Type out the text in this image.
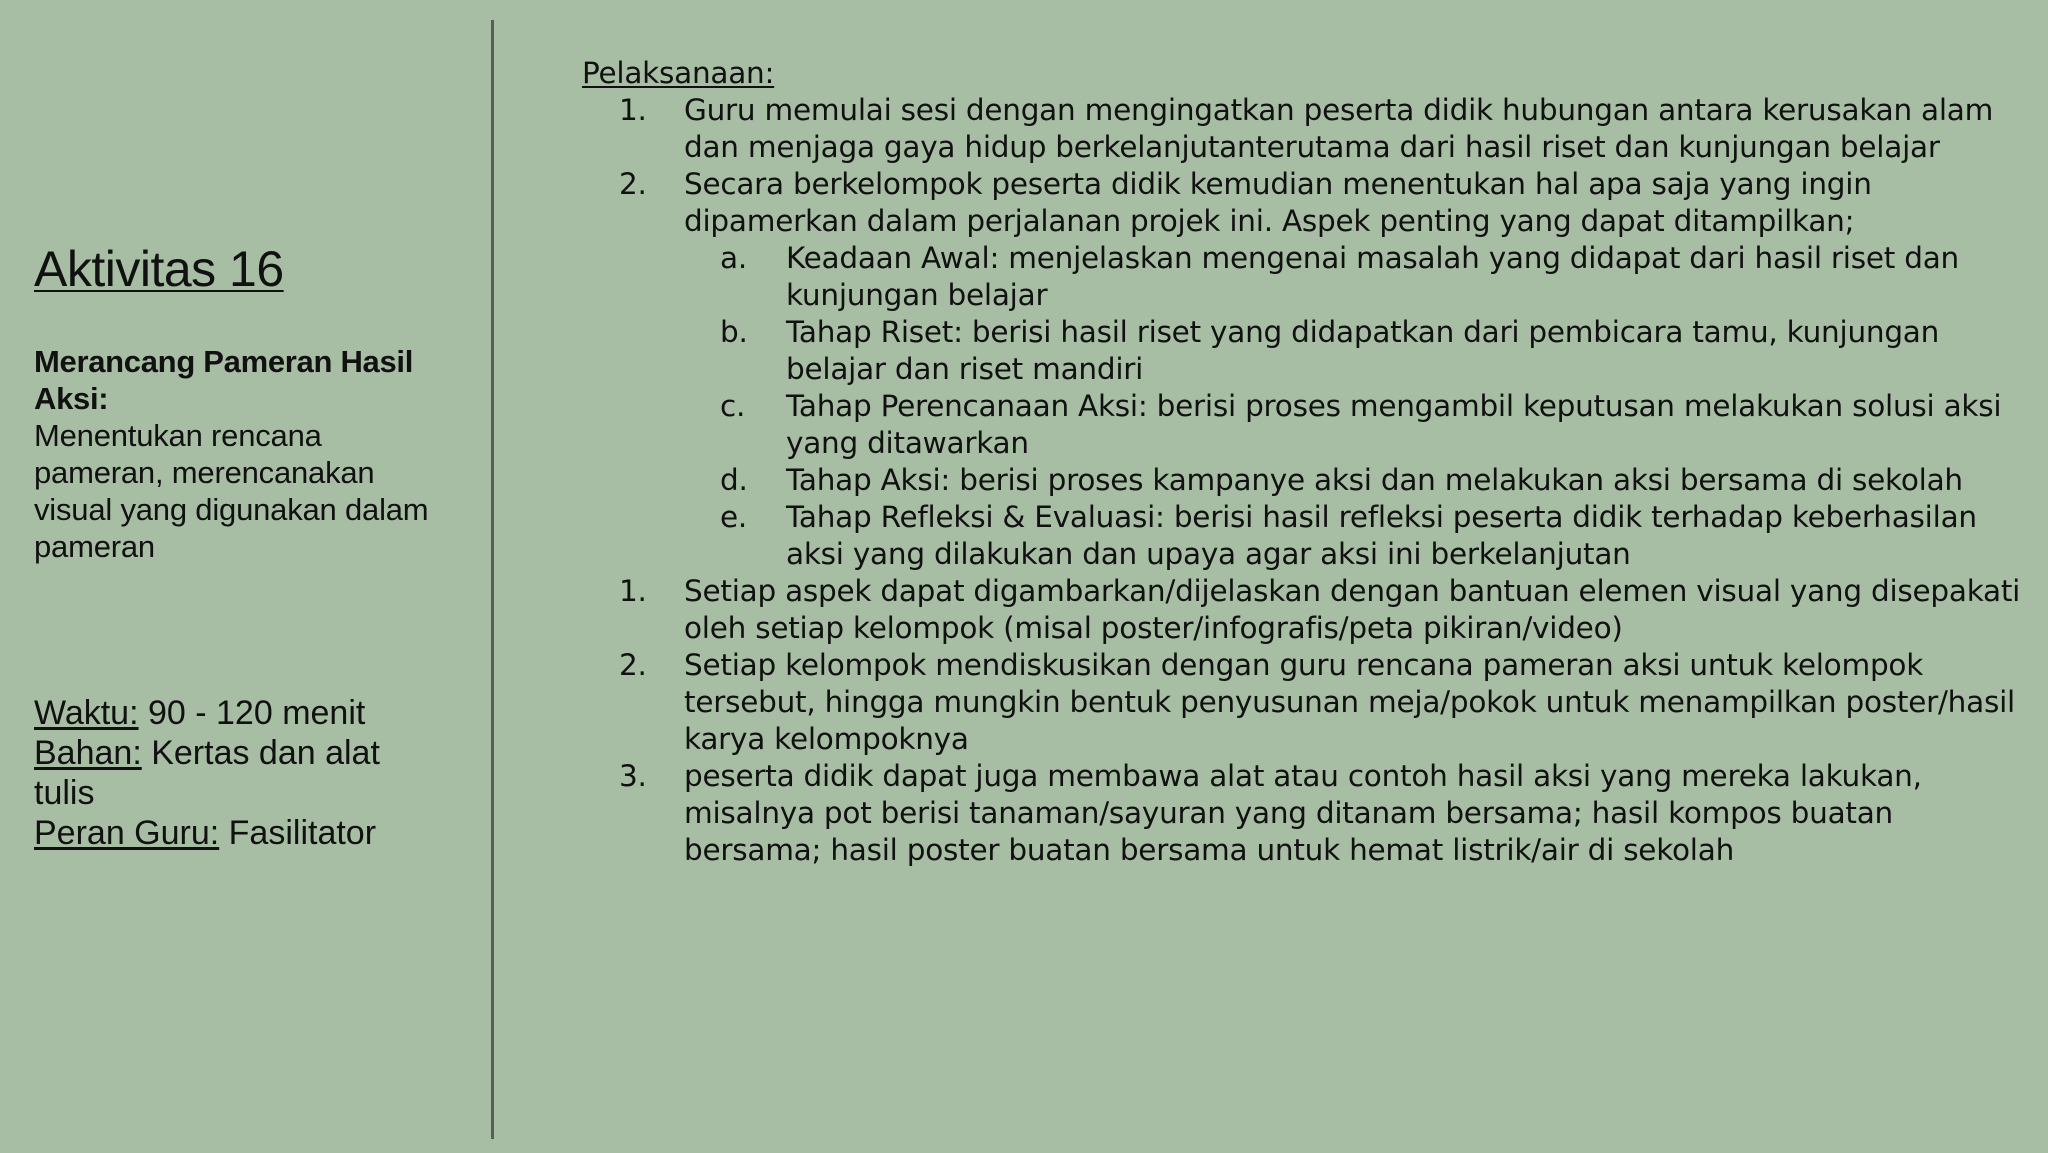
Aktivitas 16
Merancang Pameran Hasil Aksi:
Menentukan rencana pameran, merencanakan visual yang digunakan dalam pameran
Waktu: 90 - 120 menit
Bahan: Kertas dan alat tulis
Peran Guru: Fasilitator
Pelaksanaan:
1. Guru memulai sesi dengan mengingatkan peserta didik hubungan antara kerusakan alam dan menjaga gaya hidup berkelanjutanterutama dari hasil riset dan kunjungan belajar
2. Secara berkelompok peserta didik kemudian menentukan hal apa saja yang ingin dipamerkan dalam perjalanan projek ini. Aspek penting yang dapat ditampilkan;
a. Keadaan Awal: menjelaskan mengenai masalah yang didapat dari hasil riset dan kunjungan belajar
b. Tahap Riset: berisi hasil riset yang didapatkan dari pembicara tamu, kunjungan belajar dan riset mandiri
c. Tahap Perencanaan Aksi: berisi proses mengambil keputusan melakukan solusi aksi yang ditawarkan
d. Tahap Aksi: berisi proses kampanye aksi dan melakukan aksi bersama di sekolah
e. Tahap Refleksi & Evaluasi: berisi hasil refleksi peserta didik terhadap keberhasilan aksi yang dilakukan dan upaya agar aksi ini berkelanjutan
1. Setiap aspek dapat digambarkan/dijelaskan dengan bantuan elemen visual yang disepakati oleh setiap kelompok (misal poster/infografis/peta pikiran/video)
2. Setiap kelompok mendiskusikan dengan guru rencana pameran aksi untuk kelompok tersebut, hingga mungkin bentuk penyusunan meja/pokok untuk menampilkan poster/hasil karya kelompoknya
3. peserta didik dapat juga membawa alat atau contoh hasil aksi yang mereka lakukan, misalnya pot berisi tanaman/sayuran yang ditanam bersama; hasil kompos buatan bersama; hasil poster buatan bersama untuk hemat listrik/air di sekolah
